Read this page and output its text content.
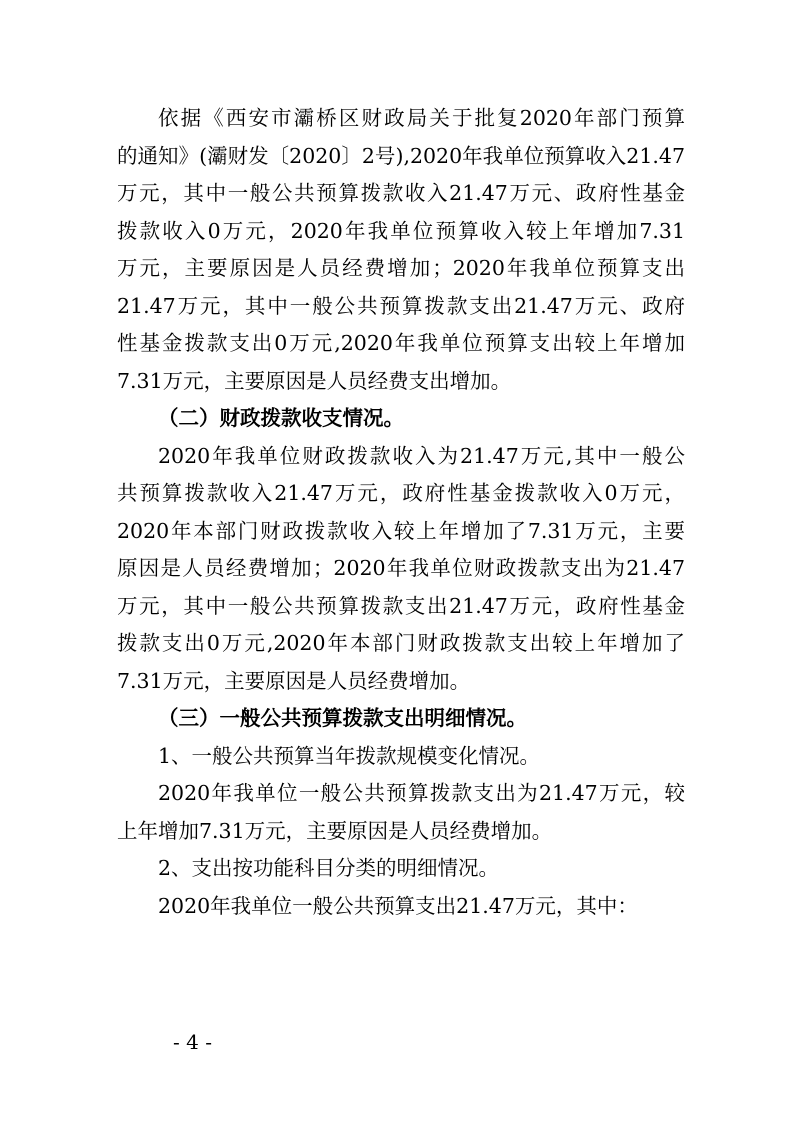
依据《西安市灞桥区财政局关于批复2020年部门预算
的通知》(灞财发〔2020〕2号),2020年我单位预算收入21.47
万元，其中一般公共预算拨款收入21.47万元、政府性基金
拨款收入0万元，2020年我单位预算收入较上年增加7.31
万元，主要原因是人员经费增加；2020年我单位预算支出
21.47万元，其中一般公共预算拨款支出21.47万元、政府
性基金拨款支出0万元,2020年我单位预算支出较上年增加
7.31万元，主要原因是人员经费支出增加。
（二）财政拨款收支情况。
2020年我单位财政拨款收入为21.47万元,其中一般公
共预算拨款收入21.47万元，政府性基金拨款收入0万元，
2020年本部门财政拨款收入较上年增加了7.31万元，主要
原因是人员经费增加；2020年我单位财政拨款支出为21.47
万元，其中一般公共预算拨款支出21.47万元，政府性基金
拨款支出0万元,2020年本部门财政拨款支出较上年增加了
7.31万元，主要原因是人员经费增加。
（三）一般公共预算拨款支出明细情况。
1、一般公共预算当年拨款规模变化情况。
2020年我单位一般公共预算拨款支出为21.47万元，较
上年增加7.31万元，主要原因是人员经费增加。
2、支出按功能科目分类的明细情况。
2020年我单位一般公共预算支出21.47万元，其中：
- 4 -
